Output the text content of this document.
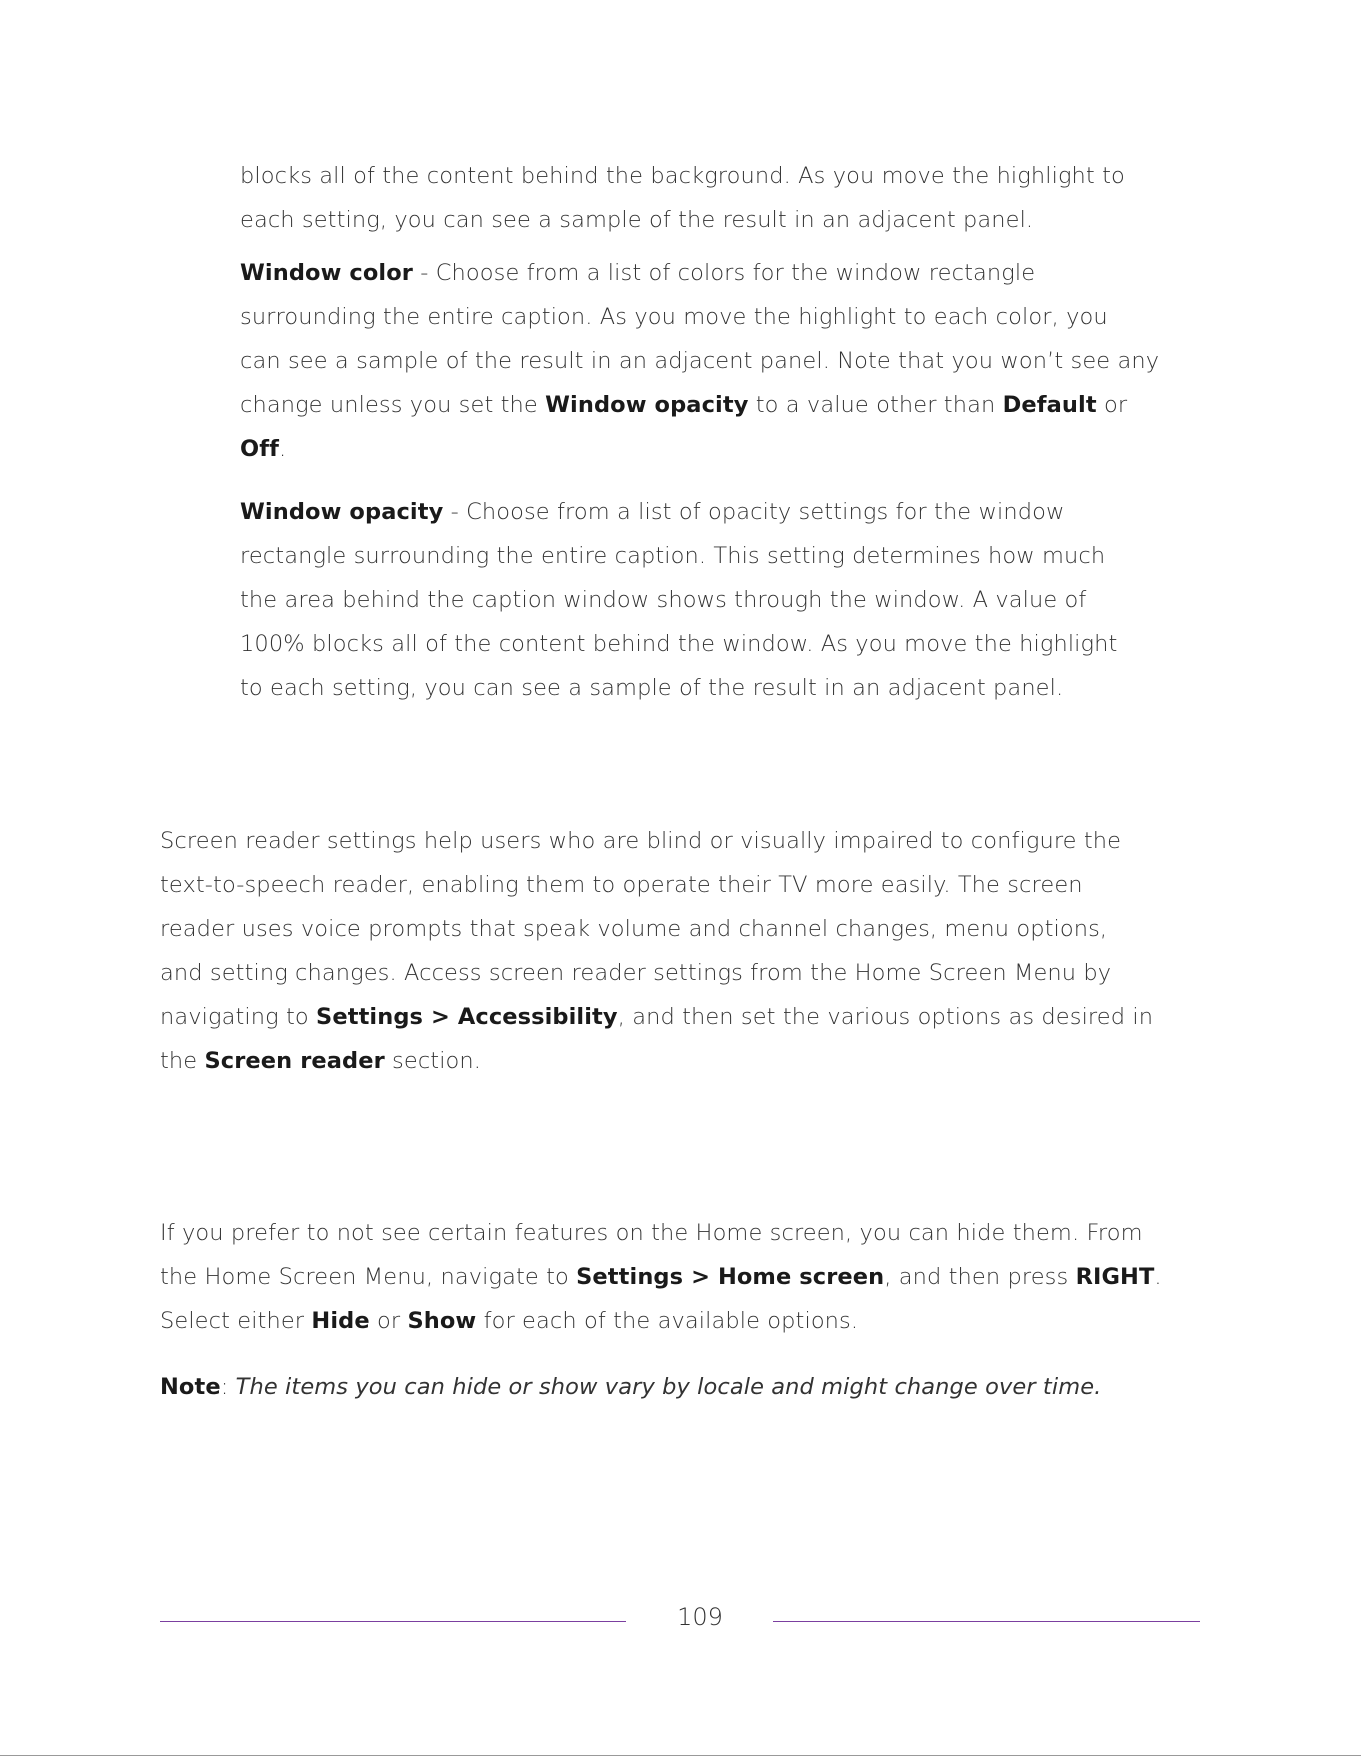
blocks all of the content behind the background. As you move the highlight to
each setting, you can see a sample of the result in an adjacent panel.

Window color - Choose from a list of colors for the window rectangle
surrounding the entire caption. As you move the highlight to each color, you
can see a sample of the result in an adjacent panel. Note that you won’t see any
change unless you set the Window opacity to a value other than Default or
Off.

Window opacity - Choose from a list of opacity settings for the window
rectangle surrounding the entire caption. This setting determines how much
the area behind the caption window shows through the window. A value of
100% blocks all of the content behind the window. As you move the highlight
to each setting, you can see a sample of the result in an adjacent panel.

Screen reader settings help users who are blind or visually impaired to configure the
text-to-speech reader, enabling them to operate their TV more easily. The screen
reader uses voice prompts that speak volume and channel changes, menu options,
and setting changes. Access screen reader settings from the Home Screen Menu by
navigating to Settings > Accessibility, and then set the various options as desired in
the Screen reader section.

If you prefer to not see certain features on the Home screen, you can hide them. From
the Home Screen Menu, navigate to Settings > Home screen, and then press RIGHT.
Select either Hide or Show for each of the available options.

Note: The items you can hide or show vary by locale and might change over time.

109
